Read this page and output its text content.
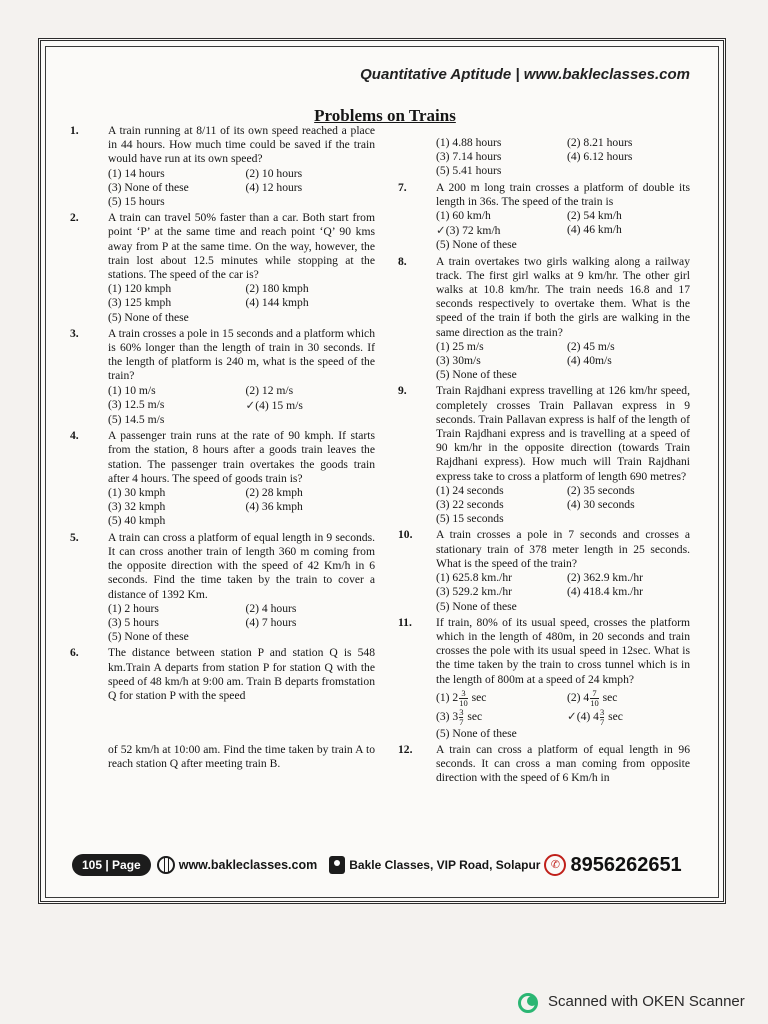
Quantitative Aptitude | www.bakleclasses.com
Problems on Trains
1.	A train running at 8/11 of its own speed reached a place in 44 hours. How much time could be saved if the train would have run at its own speed?
(1) 14 hours	(2) 10 hours
(3) None of these	(4) 12 hours
(5) 15 hours
2.	A train can travel 50% faster than a car. Both start from point ‘P’ at the same time and reach point ‘Q’ 90 kms away from P at the same time. On the way, however, the train lost about 12.5 minutes while stopping at the stations. The speed of the car is?
(1) 120 kmph	(2) 180 kmph
(3) 125 kmph	(4) 144 kmph
(5) None of these
3.	A train crosses a pole in 15 seconds and a platform which is 60% longer than the length of train in 30 seconds. If the length of platform is 240 m, what is the speed of the train?
(1) 10 m/s	(2) 12 m/s
(3) 12.5 m/s	✓(4) 15 m/s
(5) 14.5 m/s
4.	A passenger train runs at the rate of 90 kmph. If starts from the station, 8 hours after a goods train leaves the station. The passenger train overtakes the goods train after 4 hours. The speed of goods train is?
(1) 30 kmph	(2) 28 kmph
(3) 32 kmph	(4) 36 kmph
(5) 40 kmph
5.	A train can cross a platform of equal length in 9 seconds. It can cross another train of length 360 m coming from the opposite direction with the speed of 42 Km/h in 6 seconds. Find the time taken by the train to cover a distance of 1392 Km.
(1) 2 hours	(2) 4 hours
(3) 5 hours	(4) 7 hours
(5) None of these
6.	The distance between station P and station Q is 548 km.Train A departs from station P for station Q with the speed of 48 km/h at 9:00 am. Train B departs fromstation Q for station P with the speed
of 52 km/h at 10:00 am. Find the time taken by train A to reach station Q after meeting train B.
(1) 4.88 hours	(2) 8.21 hours
(3) 7.14 hours	(4) 6.12 hours
(5) 5.41 hours
7.	A 200 m long train crosses a platform of double its length in 36s. The speed of the train is
(1) 60 km/h	(2) 54 km/h
✓(3) 72 km/h	(4) 46 km/h
(5) None of these
8.	A train overtakes two girls walking along a railway track. The first girl walks at 9 km/hr. The other girl walks at 10.8 km/hr. The train needs 16.8 and 17 seconds respectively to overtake them. What is the speed of the train if both the girls are walking in the same direction as the train?
(1) 25 m/s	(2) 45 m/s
(3) 30m/s	(4) 40m/s
(5) None of these
9.	Train Rajdhani express travelling at 126 km/hr speed, completely crosses Train Pallavan express in 9 seconds. Train Pallavan express is half of the length of Train Rajdhani express and is travelling at a speed of 90 km/hr in the opposite direction (towards Train Rajdhani express). How much will Train Rajdhani express take to cross a platform of length 690 metres?
(1) 24 seconds	(2) 35 seconds
(3) 22 seconds	(4) 30 seconds
(5) 15 seconds
10.	A train crosses a pole in 7 seconds and crosses a stationary train of 378 meter length in 25 seconds. What is the speed of the train?
(1) 625.8 km./hr	(2) 362.9 km./hr
(3) 529.2 km./hr	(4) 418.4 km./hr
(5) None of these
11.	If train, 80% of its usual speed, crosses the platform which in the length of 480m, in 20 seconds and train crosses the pole with its usual speed in 12sec. What is the time taken by the train to cross tunnel which is in the length of 800m at a speed of 24 kmph?
(1) $2 \frac{3}{10}$ sec	(2) $4 \frac{7}{10}$ sec
(3) $3 \frac{3}{7}$ sec	✓(4) $4 \frac{3}{7}$ sec
(5) None of these
12.	A train can cross a platform of equal length in 96 seconds. It can cross a man coming from opposite direction with the speed of 6 Km/h in
105 | Page	www.bakleclasses.com	Bakle Classes, VIP Road, Solapur ✆ 8956262651
Scanned with OKEN Scanner
